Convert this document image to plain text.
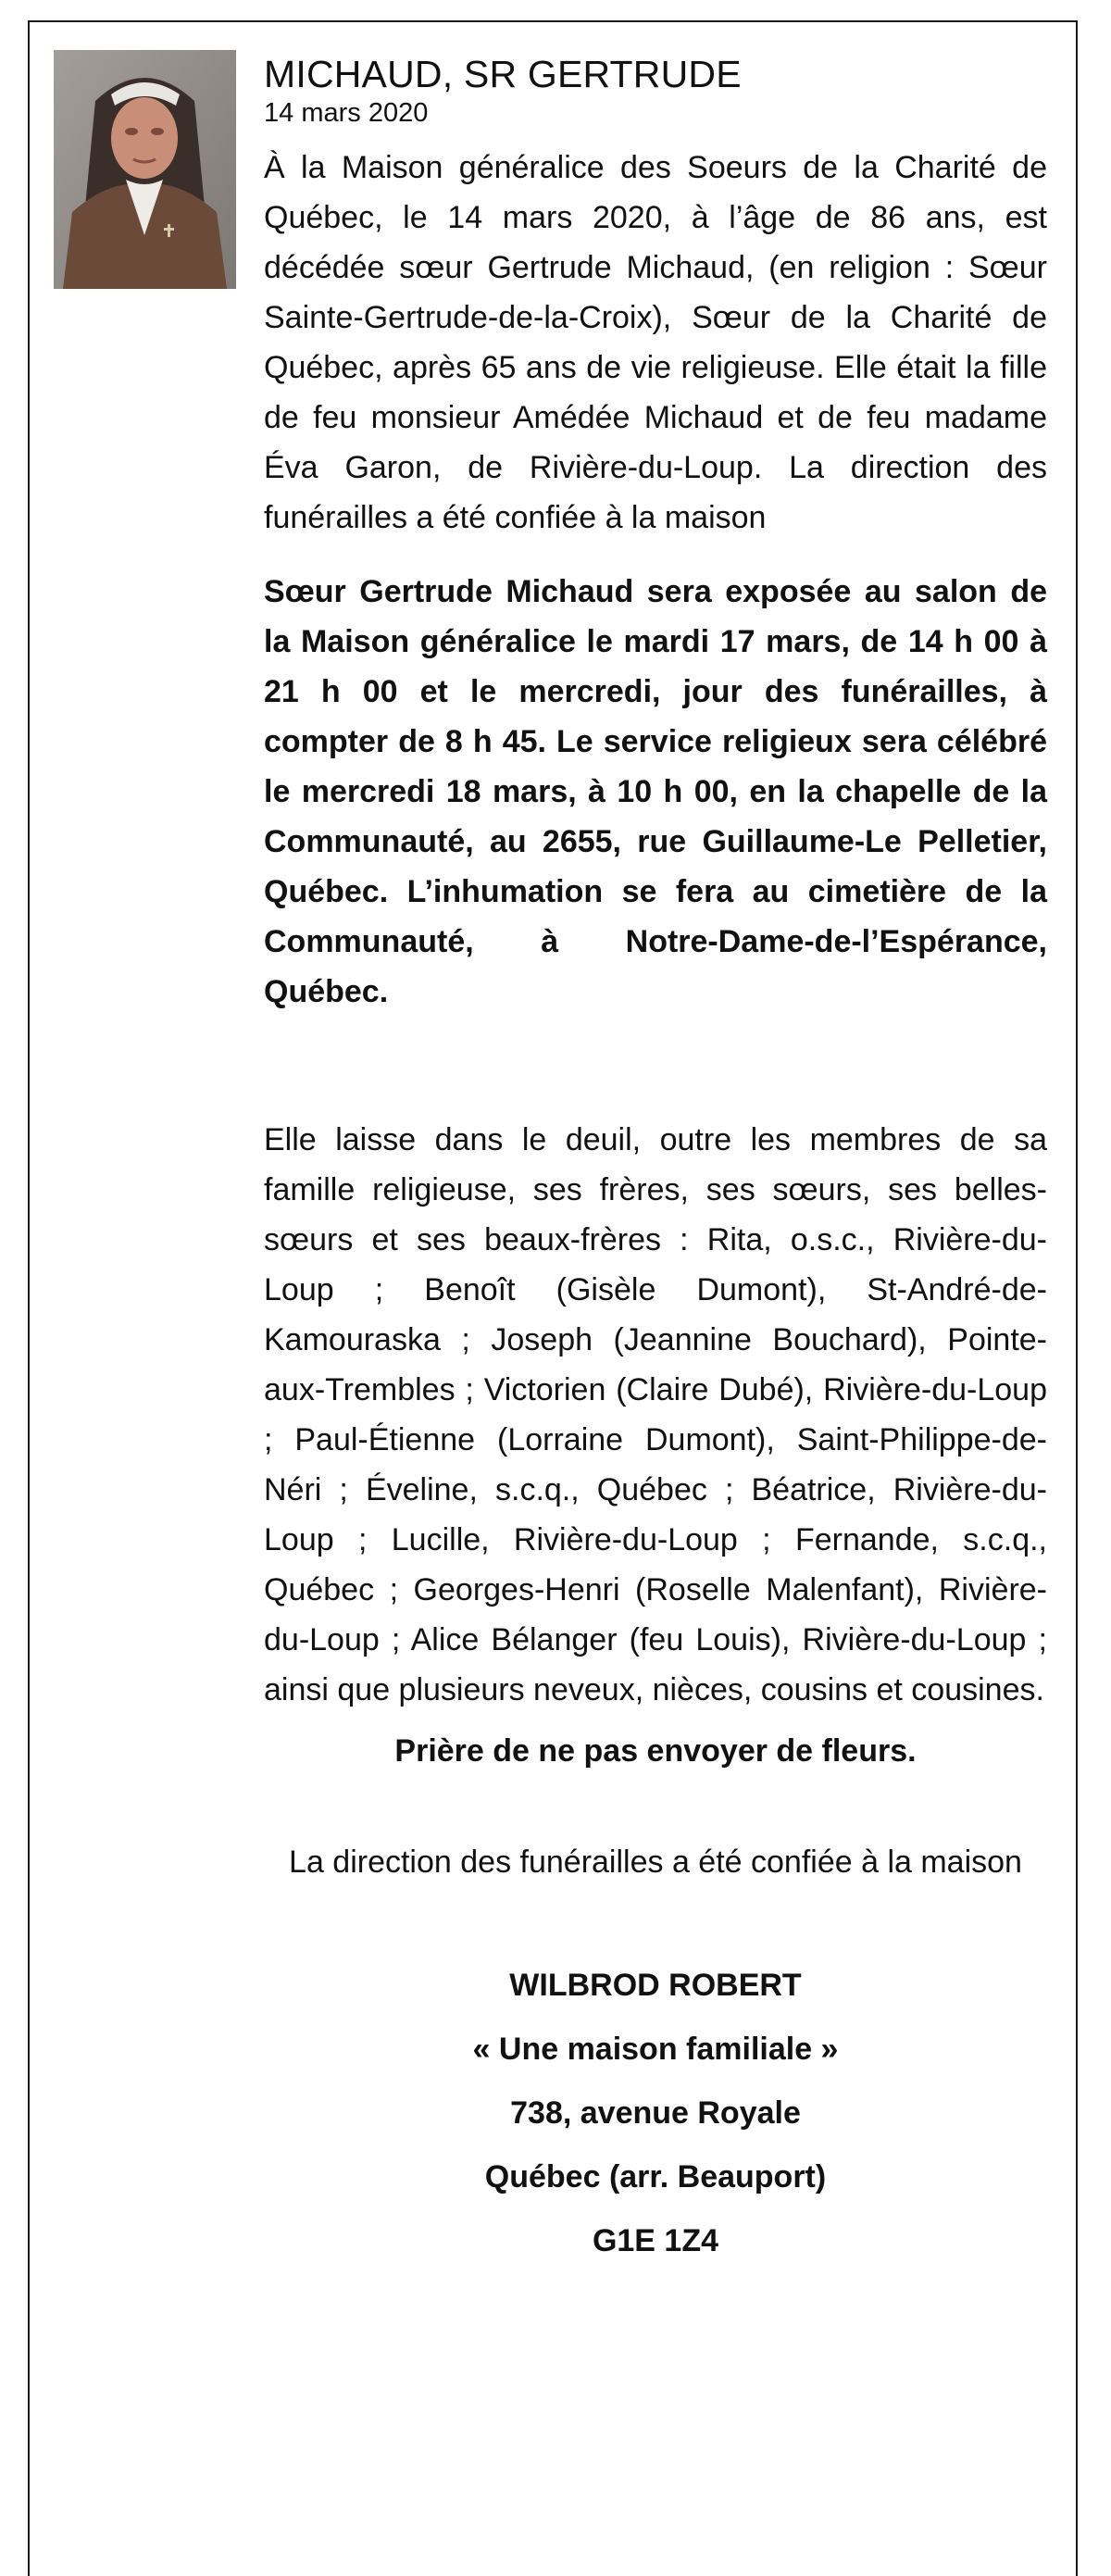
MICHAUD, SR GERTRUDE
14 mars 2020

À la Maison généralice des Soeurs de la Charité de Québec, le 14 mars 2020, à l’âge de 86 ans, est décédée sœur Gertrude Michaud, (en religion : Sœur Sainte-Gertrude-de-la-Croix), Sœur de la Charité de Québec, après 65 ans de vie religieuse. Elle était la fille de feu monsieur Amédée Michaud et de feu madame Éva Garon, de Rivière-du-Loup. La direction des funérailles a été confiée à la maison

Sœur Gertrude Michaud sera exposée au salon de la Maison généralice le mardi 17 mars, de 14 h 00 à 21 h 00 et le mercredi, jour des funérailles, à compter de 8 h 45. Le service religieux sera célébré le mercredi 18 mars, à 10 h 00, en la chapelle de la Communauté, au 2655, rue Guillaume-Le Pelletier, Québec. L’inhumation se fera au cimetière de la Communauté, à Notre-Dame-de-l’Espérance, Québec.

Elle laisse dans le deuil, outre les membres de sa famille religieuse, ses frères, ses sœurs, ses belles-sœurs et ses beaux-frères : Rita, o.s.c., Rivière-du-Loup ; Benoît (Gisèle Dumont), St-André-de-Kamouraska ; Joseph (Jeannine Bouchard), Pointe-aux-Trembles ; Victorien (Claire Dubé), Rivière-du-Loup ; Paul-Étienne (Lorraine Dumont), Saint-Philippe-de-Néri ; Éveline, s.c.q., Québec ; Béatrice, Rivière-du-Loup ; Lucille, Rivière-du-Loup ; Fernande, s.c.q., Québec ; Georges-Henri (Roselle Malenfant), Rivière-du-Loup ; Alice Bélanger (feu Louis), Rivière-du-Loup ; ainsi que plusieurs neveux, nièces, cousins et cousines.

Prière de ne pas envoyer de fleurs.

La direction des funérailles a été confiée à la maison

WILBROD ROBERT
« Une maison familiale »
738, avenue Royale
Québec (arr. Beauport)
G1E 1Z4
